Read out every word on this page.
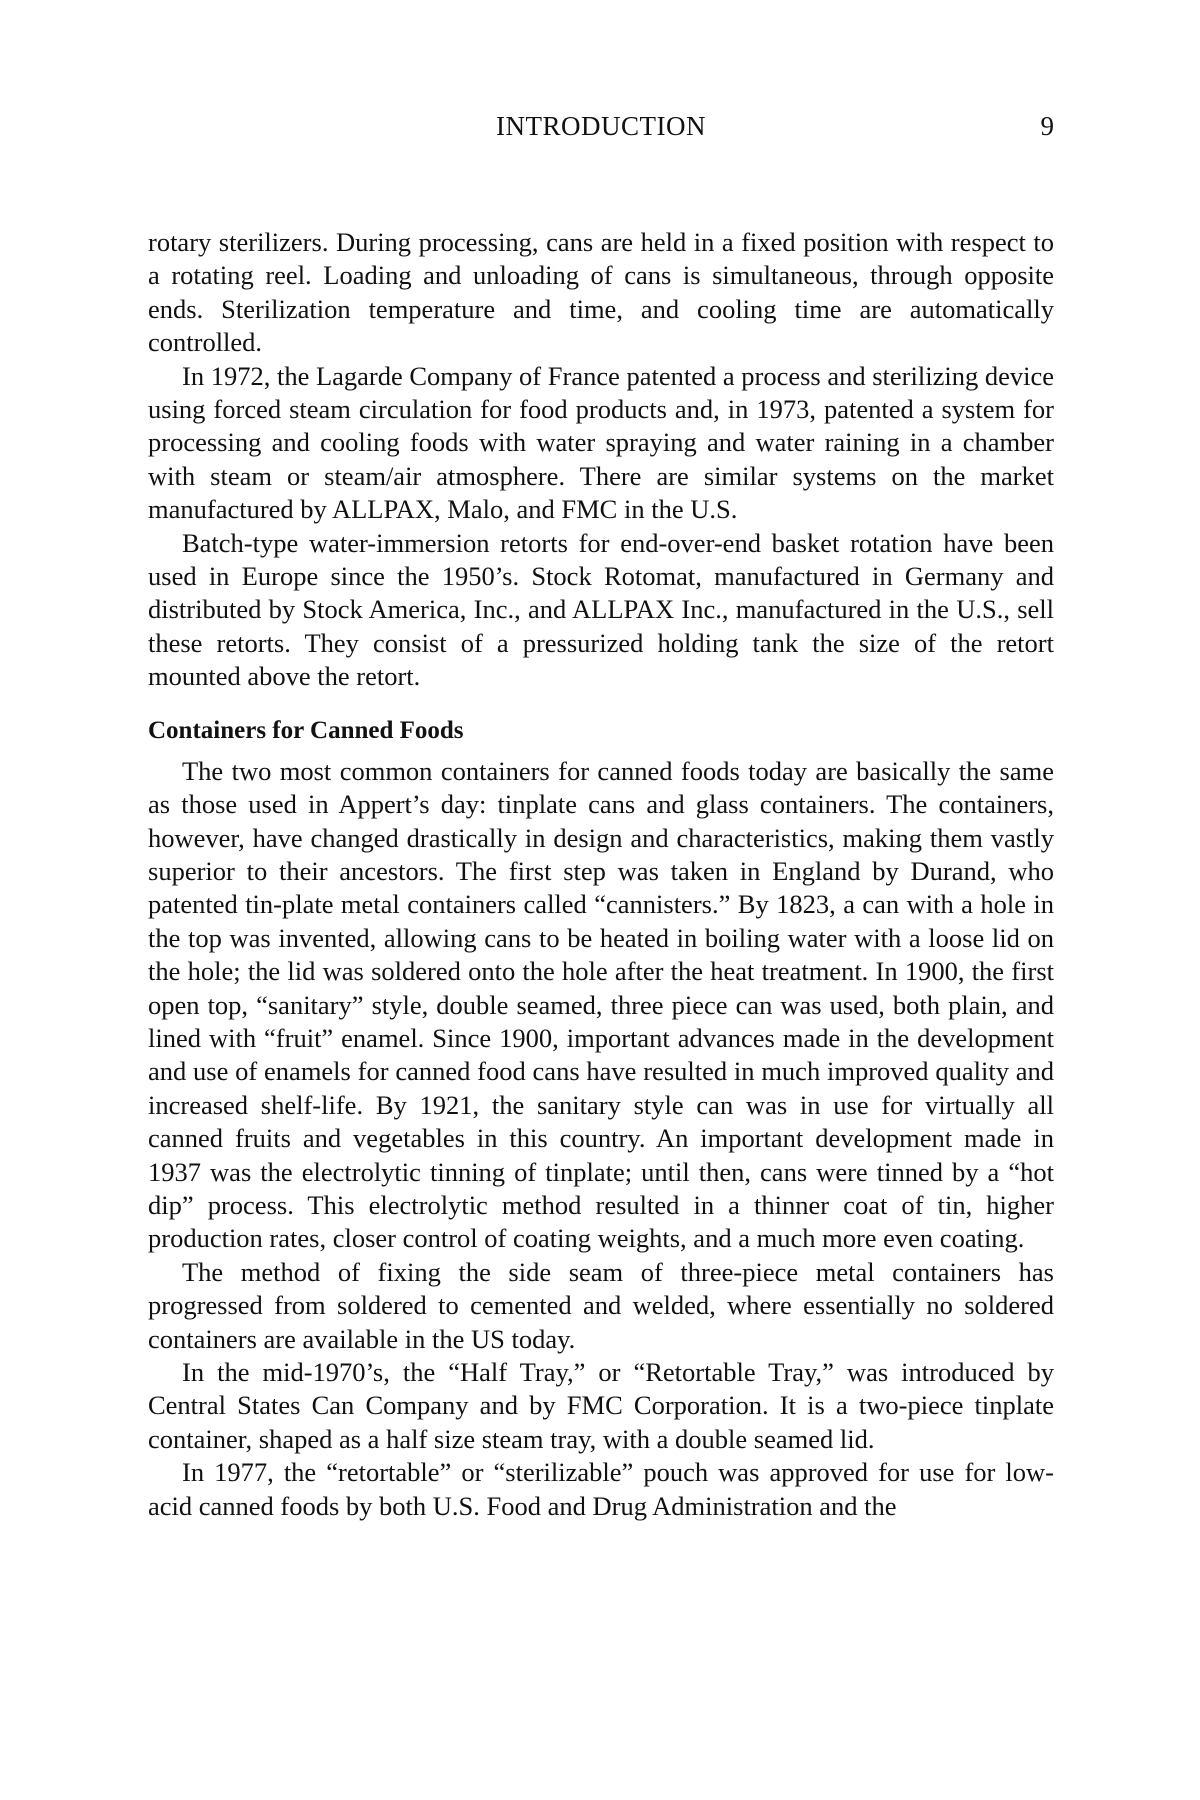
INTRODUCTION	9

rotary sterilizers. During processing, cans are held in a fixed position with respect to a rotating reel. Loading and unloading of cans is simultaneous, through opposite ends. Sterilization temperature and time, and cooling time are automatically controlled.

In 1972, the Lagarde Company of France patented a process and sterilizing device using forced steam circulation for food products and, in 1973, patented a system for processing and cooling foods with water spraying and water raining in a chamber with steam or steam/air atmosphere. There are similar systems on the market manufactured by ALLPAX, Malo, and FMC in the U.S.

Batch-type water-immersion retorts for end-over-end basket rotation have been used in Europe since the 1950’s. Stock Rotomat, manufactured in Germany and distributed by Stock America, Inc., and ALLPAX Inc., manufactured in the U.S., sell these retorts. They consist of a pressurized holding tank the size of the retort mounted above the retort.

Containers for Canned Foods

The two most common containers for canned foods today are basically the same as those used in Appert’s day: tinplate cans and glass containers. The containers, however, have changed drastically in design and characteristics, making them vastly superior to their ancestors. The first step was taken in England by Durand, who patented tin-plate metal containers called “cannisters.” By 1823, a can with a hole in the top was invented, allowing cans to be heated in boiling water with a loose lid on the hole; the lid was soldered onto the hole after the heat treatment. In 1900, the first open top, “sanitary” style, double seamed, three piece can was used, both plain, and lined with “fruit” enamel. Since 1900, important advances made in the development and use of enamels for canned food cans have resulted in much improved quality and increased shelf-life. By 1921, the sanitary style can was in use for virtually all canned fruits and vegetables in this country. An important development made in 1937 was the electrolytic tinning of tinplate; until then, cans were tinned by a “hot dip” process. This electrolytic method resulted in a thinner coat of tin, higher production rates, closer control of coating weights, and a much more even coating.

The method of fixing the side seam of three-piece metal containers has progressed from soldered to cemented and welded, where essentially no soldered containers are available in the US today.

In the mid-1970’s, the “Half Tray,” or “Retortable Tray,” was introduced by Central States Can Company and by FMC Corporation. It is a two-piece tinplate container, shaped as a half size steam tray, with a double seamed lid.

In 1977, the “retortable” or “sterilizable” pouch was approved for use for low-acid canned foods by both U.S. Food and Drug Administration and the
